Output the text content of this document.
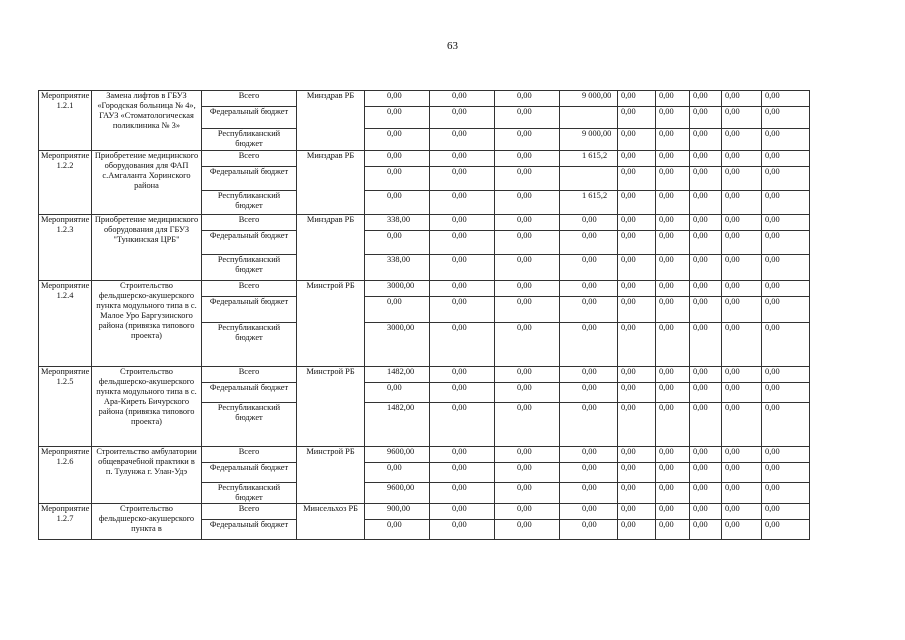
63
Мероприятие 1.2.1	Замена лифтов в ГБУЗ «Городская больница № 4», ГАУЗ «Стоматологическая поликлиника № 3»	Всего	Минздрав РБ	0,00	0,00	0,00	9 000,00	0,00	0,00	0,00	0,00	0,00
		Федеральный бюджет		0,00	0,00	0,00		0,00	0,00	0,00	0,00	0,00
		Республиканский бюджет		0,00	0,00	0,00	9 000,00	0,00	0,00	0,00	0,00	0,00
Мероприятие 1.2.2	Приобретение медицинского оборудования для ФАП с.Амгаланта Хоринского района	Всего	Минздрав РБ	0,00	0,00	0,00	1 615,2	0,00	0,00	0,00	0,00	0,00
		Федеральный бюджет		0,00	0,00	0,00		0,00	0,00	0,00	0,00	0,00
		Республиканский бюджет		0,00	0,00	0,00	1 615,2	0,00	0,00	0,00	0,00	0,00
Мероприятие 1.2.3	Приобретение медицинского оборудования для ГБУЗ "Тункинская ЦРБ"	Всего	Минздрав РБ	338,00	0,00	0,00	0,00	0,00	0,00	0,00	0,00	0,00
		Федеральный бюджет		0,00	0,00	0,00	0,00	0,00	0,00	0,00	0,00	0,00
		Республиканский бюджет		338,00	0,00	0,00	0,00	0,00	0,00	0,00	0,00	0,00
Мероприятие 1.2.4	Строительство фельдшерско-акушерского пункта модульного типа в с. Малое Уро Баргузинского района (привязка типового проекта)	Всего	Минстрой РБ	3000,00	0,00	0,00	0,00	0,00	0,00	0,00	0,00	0,00
		Федеральный бюджет		0,00	0,00	0,00	0,00	0,00	0,00	0,00	0,00	0,00
		Республиканский бюджет		3000,00	0,00	0,00	0,00	0,00	0,00	0,00	0,00	0,00
Мероприятие 1.2.5	Строительство фельдшерско-акушерского пункта модульного типа в с. Ара-Киреть Бичурского района (привязка типового проекта)	Всего	Минстрой РБ	1482,00	0,00	0,00	0,00	0,00	0,00	0,00	0,00	0,00
		Федеральный бюджет		0,00	0,00	0,00	0,00	0,00	0,00	0,00	0,00	0,00
		Республиканский бюджет		1482,00	0,00	0,00	0,00	0,00	0,00	0,00	0,00	0,00
Мероприятие 1.2.6	Строительство амбулатории общеврачебной практики в п. Тулунжа г. Улан-Удэ	Всего	Минстрой РБ	9600,00	0,00	0,00	0,00	0,00	0,00	0,00	0,00	0,00
		Федеральный бюджет		0,00	0,00	0,00	0,00	0,00	0,00	0,00	0,00	0,00
		Республиканский бюджет		9600,00	0,00	0,00	0,00	0,00	0,00	0,00	0,00	0,00
Мероприятие 1.2.7	Строительство фельдшерско-акушерского пункта в	Всего	Минсельхоз РБ	900,00	0,00	0,00	0,00	0,00	0,00	0,00	0,00	0,00
		Федеральный бюджет		0,00	0,00	0,00	0,00	0,00	0,00	0,00	0,00	0,00
